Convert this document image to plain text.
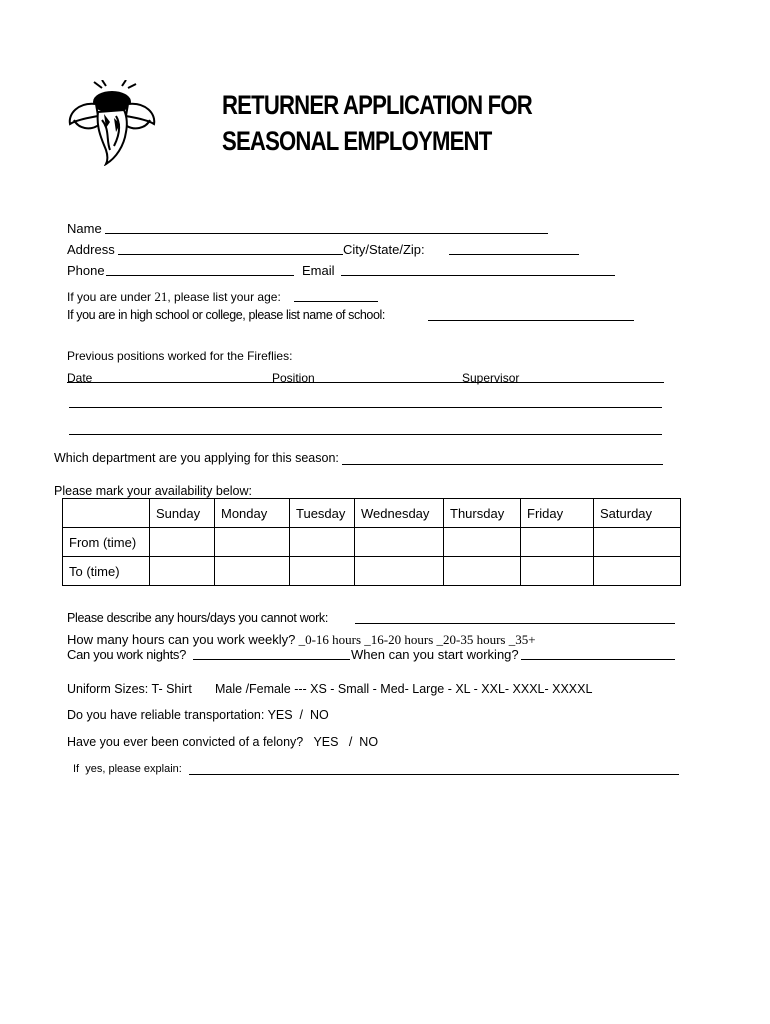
RETURNER APPLICATION FOR
SEASONAL EMPLOYMENT
Name
Address	City/State/Zip:
Phone	Email
If you are under 21, please list your age:
If you are in high school or college, please list name of school:
Previous positions worked for the Fireflies:
Date	Position	Supervisor
Which department are you applying for this season:
Please mark your availability below:
	Sunday	Monday	Tuesday	Wednesday	Thursday	Friday	Saturday
From (time)							
To (time)							
Please describe any hours/days you cannot work:
How many hours can you work weekly? _0-16 hours _16-20 hours _20-35 hours _35+
Can you work nights?	When can you start working?
Uniform Sizes: T- Shirt Male /Female --- XS - Small - Med- Large - XL - XXL- XXXL- XXXXL
Do you have reliable transportation: YES  /  NO
Have you ever been convicted of a felony?   YES   /  NO
If  yes, please explain:
